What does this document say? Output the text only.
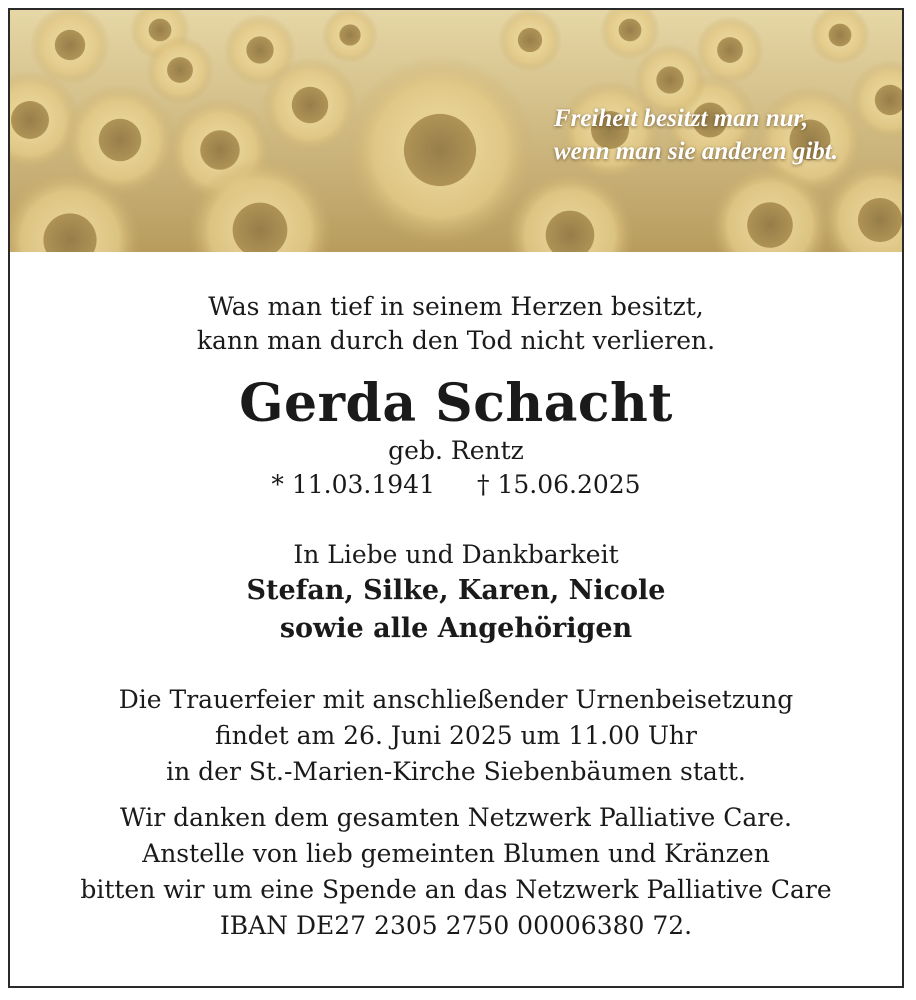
Freiheit besitzt man nur,
wenn man sie anderen gibt.
Was man tief in seinem Herzen besitzt,
kann man durch den Tod nicht verlieren.
Gerda Schacht
geb. Rentz
* 11.03.1941 † 15.06.2025
In Liebe und Dankbarkeit
Stefan, Silke, Karen, Nicole
sowie alle Angehörigen
Die Trauerfeier mit anschließender Urnenbeisetzung
findet am 26. Juni 2025 um 11.00 Uhr
in der St.-Marien-Kirche Siebenbäumen statt.
Wir danken dem gesamten Netzwerk Palliative Care.
Anstelle von lieb gemeinten Blumen und Kränzen
bitten wir um eine Spende an das Netzwerk Palliative Care
IBAN DE27 2305 2750 00006380 72.
